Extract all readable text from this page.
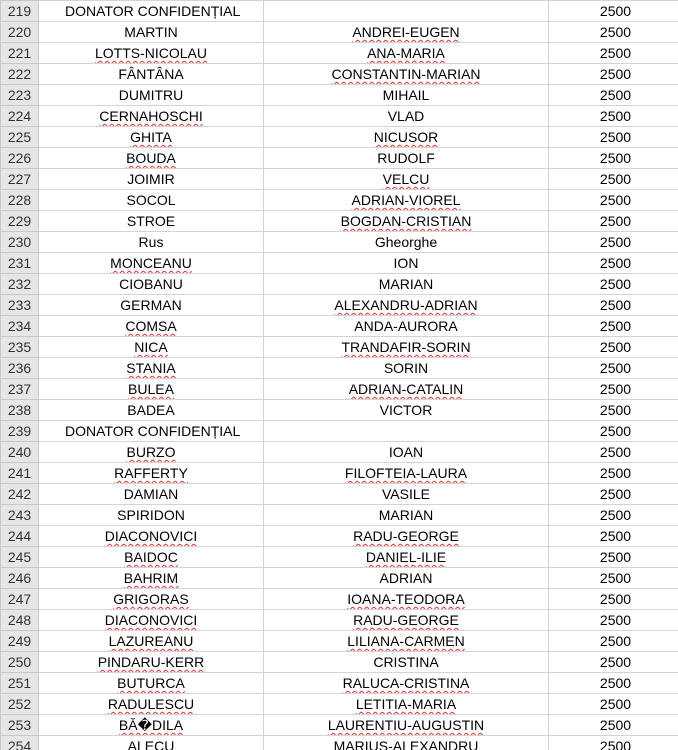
219	DONATOR CONFIDENȚIAL		2500
220	MARTIN	ANDREI-EUGEN	2500
221	LOTTS-NICOLAU	ANA-MARIA	2500
222	FÂNTÂNA	CONSTANTIN-MARIAN	2500
223	DUMITRU	MIHAIL	2500
224	CERNAHOSCHI	VLAD	2500
225	GHITA	NICUSOR	2500
226	BOUDA	RUDOLF	2500
227	JOIMIR	VELCU	2500
228	SOCOL	ADRIAN-VIOREL	2500
229	STROE	BOGDAN-CRISTIAN	2500
230	Rus	Gheorghe	2500
231	MONCEANU	ION	2500
232	CIOBANU	MARIAN	2500
233	GERMAN	ALEXANDRU-ADRIAN	2500
234	COMSA	ANDA-AURORA	2500
235	NICA	TRANDAFIR-SORIN	2500
236	STANIA	SORIN	2500
237	BULEA	ADRIAN-CATALIN	2500
238	BADEA	VICTOR	2500
239	DONATOR CONFIDENȚIAL		2500
240	BURZO	IOAN	2500
241	RAFFERTY	FILOFTEIA-LAURA	2500
242	DAMIAN	VASILE	2500
243	SPIRIDON	MARIAN	2500
244	DIACONOVICI	RADU-GEORGE	2500
245	BAIDOC	DANIEL-ILIE	2500
246	BAHRIM	ADRIAN	2500
247	GRIGORAS	IOANA-TEODORA	2500
248	DIACONOVICI	RADU-GEORGE	2500
249	LAZUREANU	LILIANA-CARMEN	2500
250	PINDARU-KERR	CRISTINA	2500
251	BUTURCA	RALUCA-CRISTINA	2500
252	RADULESCU	LETITIA-MARIA	2500
253	BĂ�DILA	LAURENTIU-AUGUSTIN	2500
254	ALECU	MARIUS-ALEXANDRU	2500
